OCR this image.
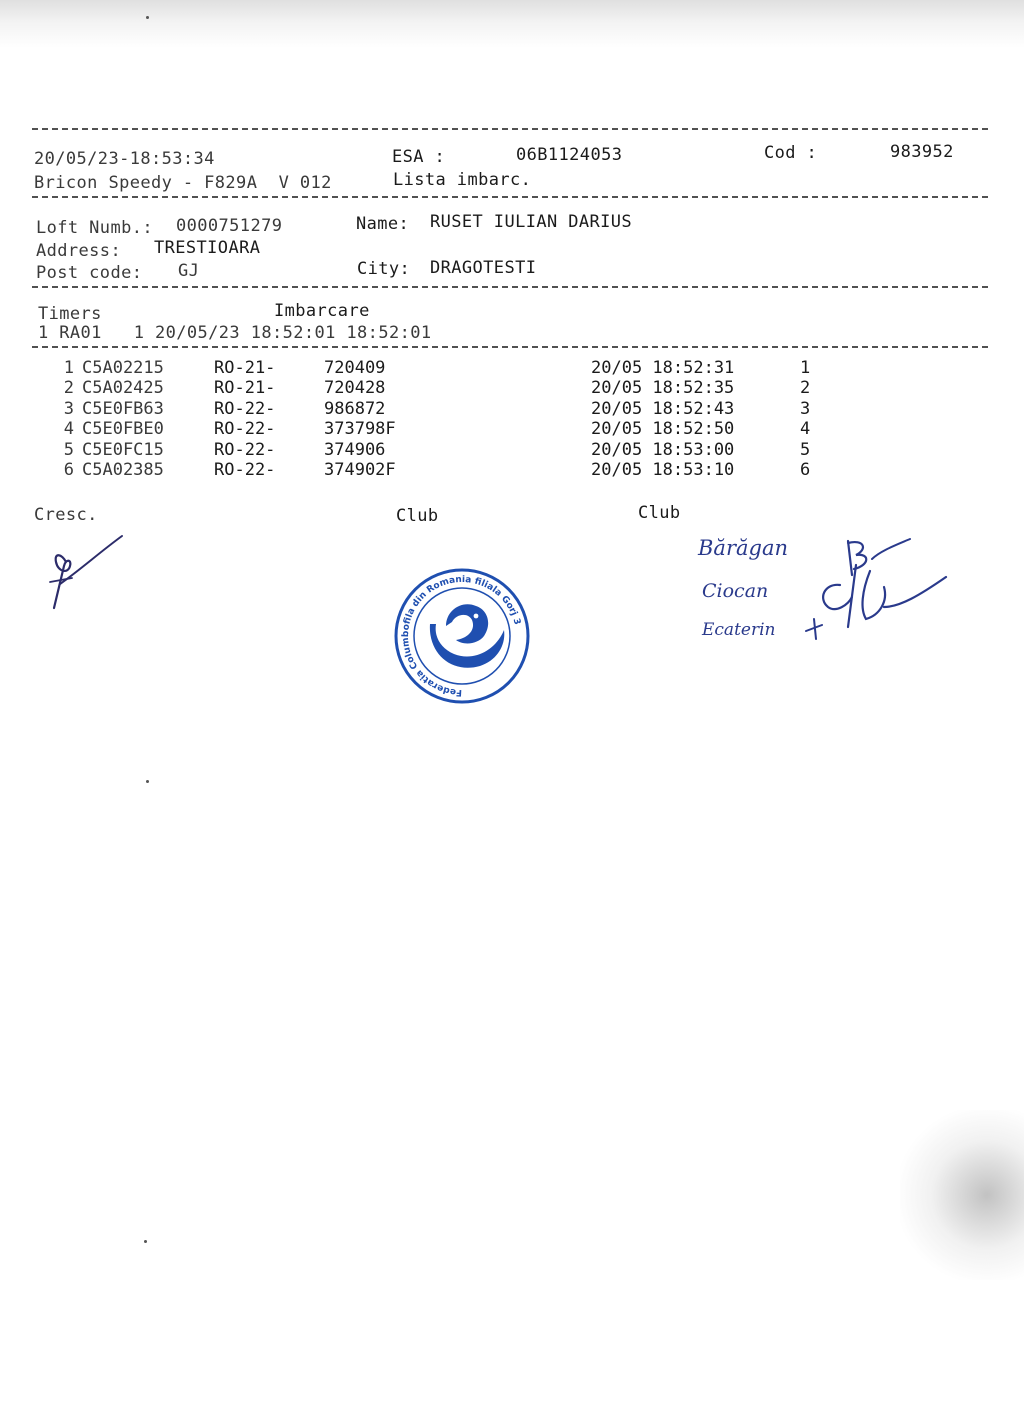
20/05/23-18:53:34	ESA :	06B1124053	Cod :	983952
Bricon Speedy - F829A  V 012	Lista imbarc.
Loft Numb.: 0000751279	Name: RUSET IULIAN DARIUS
Address: TRESTIOARA
Post code: GJ	City: DRAGOTESTI
Timers	Imbarcare
1 RA01   1 20/05/23 18:52:01 18:52:01
1 C5A02215	RO-21-	720409	20/05 18:52:31	1
2 C5A02425	RO-21-	720428	20/05 18:52:35	2
3 C5E0FB63	RO-22-	986872	20/05 18:52:43	3
4 C5E0FBE0	RO-22-	373798F	20/05 18:52:50	4
5 C5E0FC15	RO-22-	374906	20/05 18:53:00	5
6 C5A02385	RO-22-	374902F	20/05 18:53:10	6
Cresc.	Club	Club
Federatia Columbofila din Romania filiala Gorj 3
Bărăgan
Ciocan
Ecaterin
